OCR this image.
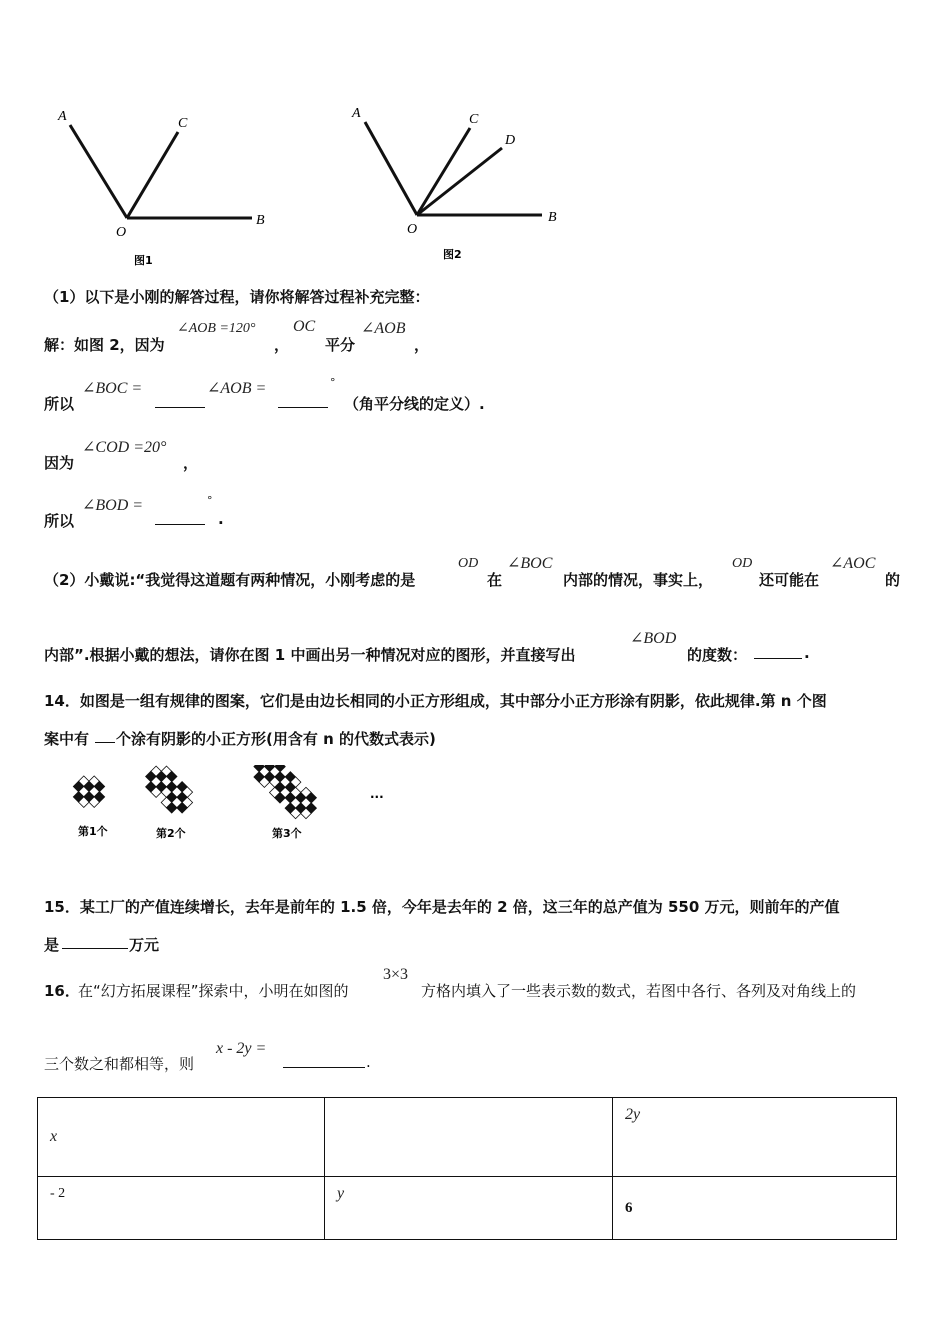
A	C
O
B
图1
A	C
D
O
B
图2
（1）以下是小刚的解答过程，请你将解答过程补充完整：
解：如图 2，因为
∠AOB =120°
，
OC
平分
∠AOB
，
所以
∠BOC =	∠AOB =	°
（角平分线的定义）.
因为
∠COD =20°
，
所以
∠BOD =	°
.
（2）小戴说:“我觉得这道题有两种情况，小刚考虑的是
OD
在
∠BOC
内部的情况，事实上，
OD
还可能在
∠AOC
的
内部”.根据小戴的想法，请你在图 1 中画出另一种情况对应的图形，并直接写出
∠BOD
的度数：	.
14．如图是一组有规律的图案，它们是由边长相同的小正方形组成，其中部分小正方形涂有阴影，依此规律.第 n 个图
案中有 个涂有阴影的小正方形(用含有 n 的代数式表示)
第1个	第2个	第3个
···
15．某工厂的产值连续增长，去年是前年的 1.5 倍，今年是去年的 2 倍，这三年的总产值为 550 万元，则前年的产值
是	万元
16．
在“幻方拓展课程”探索中，小明在如图的
3×3
方格内填入了一些表示数的数式，若图中各行、各列及对角线上的
三个数之和都相等，则
x - 2y =
.
x		2y
- 2	y	6
